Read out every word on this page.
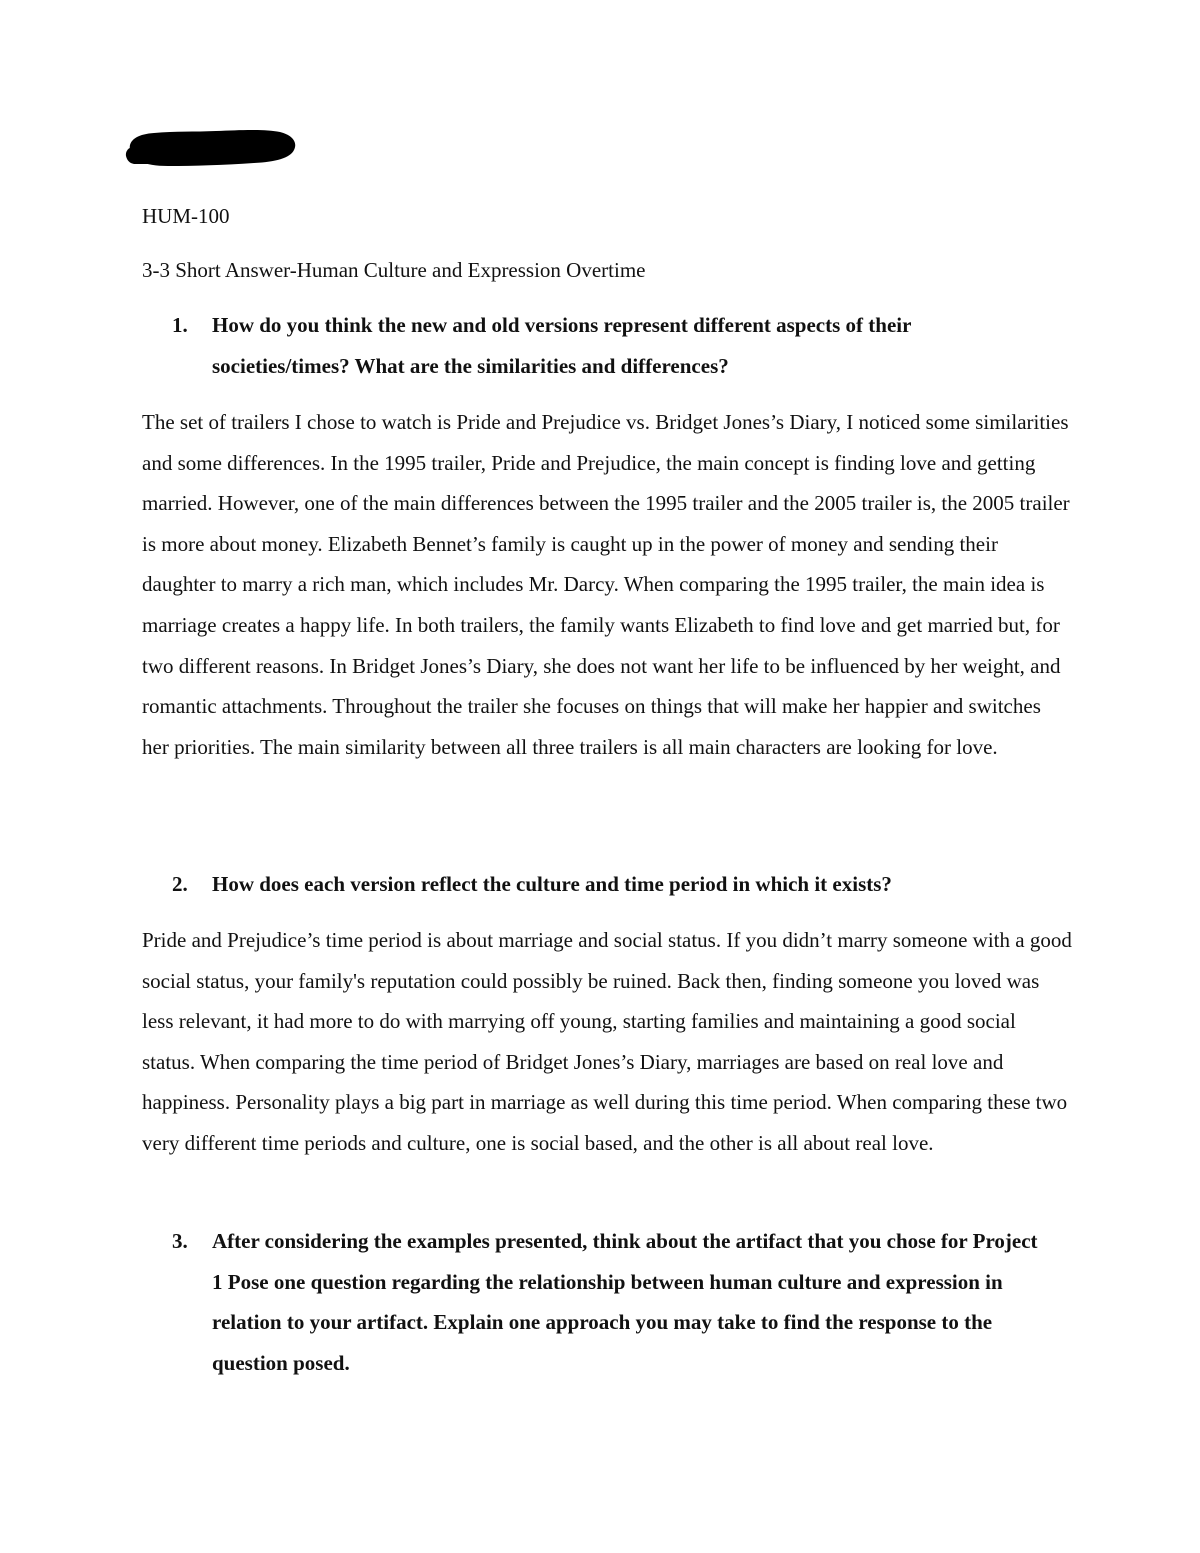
HUM-100

3-3 Short Answer-Human Culture and Expression Overtime

1. How do you think the new and old versions represent different aspects of their societies/times? What are the similarities and differences?

The set of trailers I chose to watch is Pride and Prejudice vs. Bridget Jones’s Diary, I noticed some similarities and some differences. In the 1995 trailer, Pride and Prejudice, the main concept is finding love and getting married. However, one of the main differences between the 1995 trailer and the 2005 trailer is, the 2005 trailer is more about money. Elizabeth Bennet’s family is caught up in the power of money and sending their daughter to marry a rich man, which includes Mr. Darcy. When comparing the 1995 trailer, the main idea is marriage creates a happy life. In both trailers, the family wants Elizabeth to find love and get married but, for two different reasons. In Bridget Jones’s Diary, she does not want her life to be influenced by her weight, and romantic attachments. Throughout the trailer she focuses on things that will make her happier and switches her priorities. The main similarity between all three trailers is all main characters are looking for love.

2. How does each version reflect the culture and time period in which it exists?

Pride and Prejudice’s time period is about marriage and social status. If you didn’t marry someone with a good social status, your family's reputation could possibly be ruined. Back then, finding someone you loved was less relevant, it had more to do with marrying off young, starting families and maintaining a good social status. When comparing the time period of Bridget Jones’s Diary, marriages are based on real love and happiness. Personality plays a big part in marriage as well during this time period. When comparing these two very different time periods and culture, one is social based, and the other is all about real love.

3. After considering the examples presented, think about the artifact that you chose for Project 1 Pose one question regarding the relationship between human culture and expression in relation to your artifact. Explain one approach you may take to find the response to the question posed.
